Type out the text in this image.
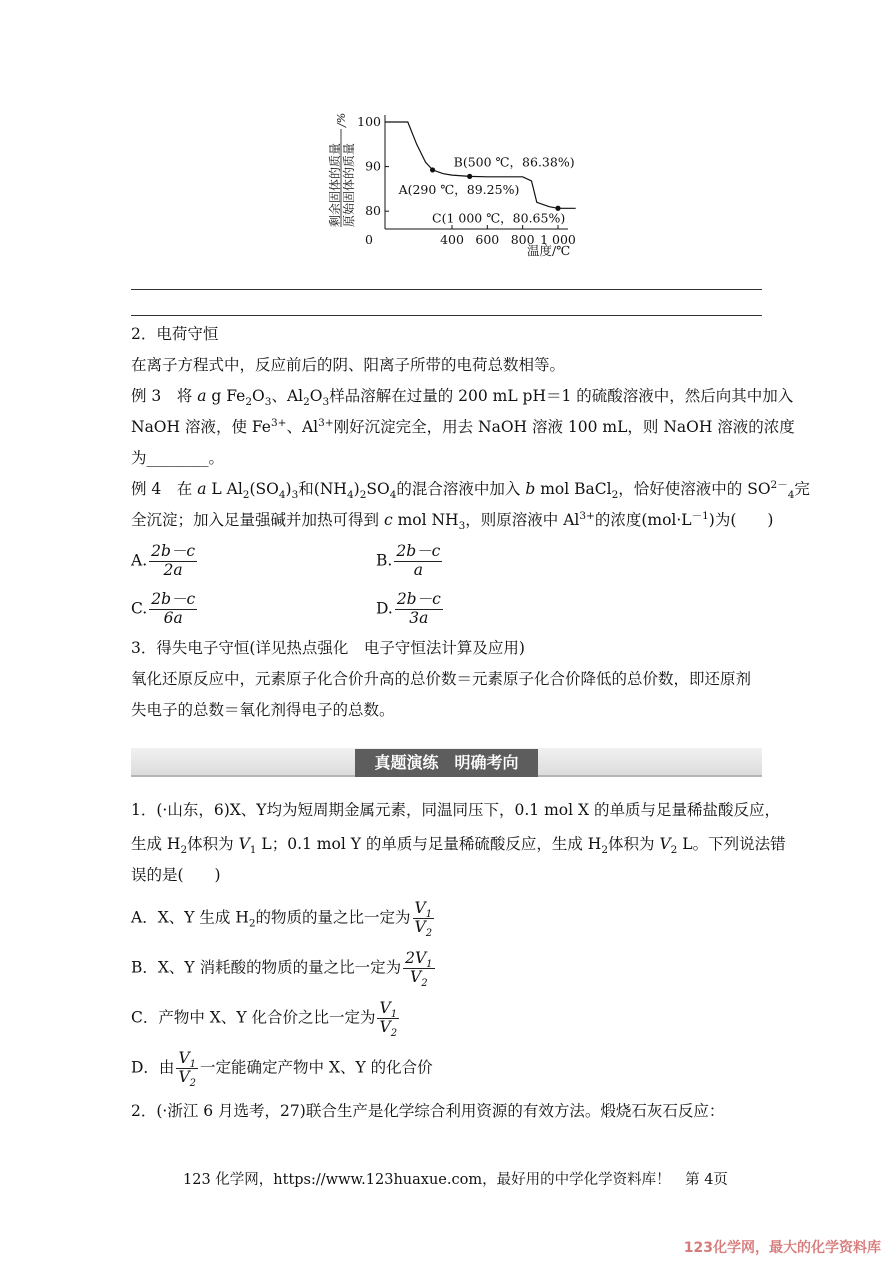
剩余固体的质量 原始固体的质量
/%
0	400 600 800 1 000
80
90
100
A(290 ℃，89.25%)
B(500 ℃，86.38%)
C(1 000 ℃，80.65%)
温度/℃
2．电荷守恒
在离子方程式中，反应前后的阴、阳离子所带的电荷总数相等。
例 3　将 a g $Fe_2O_3$、$Al_2O_3$样品溶解在过量的 200 mL pH＝1 的硫酸溶液中，然后向其中加入
NaOH 溶液，使 $Fe^{3+}$、$Al^{3+}$刚好沉淀完全，用去 NaOH 溶液 100 mL，则 NaOH 溶液的浓度
为________。
例 4　在 a L $Al_2(SO_4)_3$和$(NH_4)_2SO_4$的混合溶液中加入 b mol BaCl$_2$，恰好使溶液中的 $SO^{2-}_4$完
全沉淀；加入足量强碱并加热可得到 c mol $NH_3$，则原溶液中 $Al^{3+}$的浓度$(mol\cdot L^{-1})$为(　　)
A. $\frac{2b-c}{2a}$	B. $\frac{2b-c}{a}$
C. $\frac{2b-c}{6a}$	D. $\frac{2b-c}{3a}$
3．得失电子守恒(详见热点强化　电子守恒法计算及应用)
氧化还原反应中，元素原子化合价升高的总价数＝元素原子化合价降低的总价数，即还原剂
失电子的总数＝氧化剂得电子的总数。
真题演练　明确考向
1．(·山东，6)X、Y均为短周期金属元素，同温同压下，0.1 mol X 的单质与足量稀盐酸反应，
生成 $H_2$体积为 $V_1$ L；0.1 mol Y 的单质与足量稀硫酸反应，生成 $H_2$体积为 $V_2$ L。下列说法错
误的是(　　)
A．X、Y 生成 $H_2$的物质的量之比一定为 $\frac{V_1}{V_2}$
B．X、Y 消耗酸的物质的量之比一定为 $\frac{2V_1}{V_2}$
C．产物中 X、Y 化合价之比一定为 $\frac{V_1}{V_2}$
D．由 $\frac{V_1}{V_2}$ 一定能确定产物中 X、Y 的化合价
2．(·浙江 6 月选考，27)联合生产是化学综合利用资源的有效方法。煅烧石灰石反应：
123 化学网，https://www.123huaxue.com，最好用的中学化学资料库！　第 4页
123化学网，最大的化学资料库
